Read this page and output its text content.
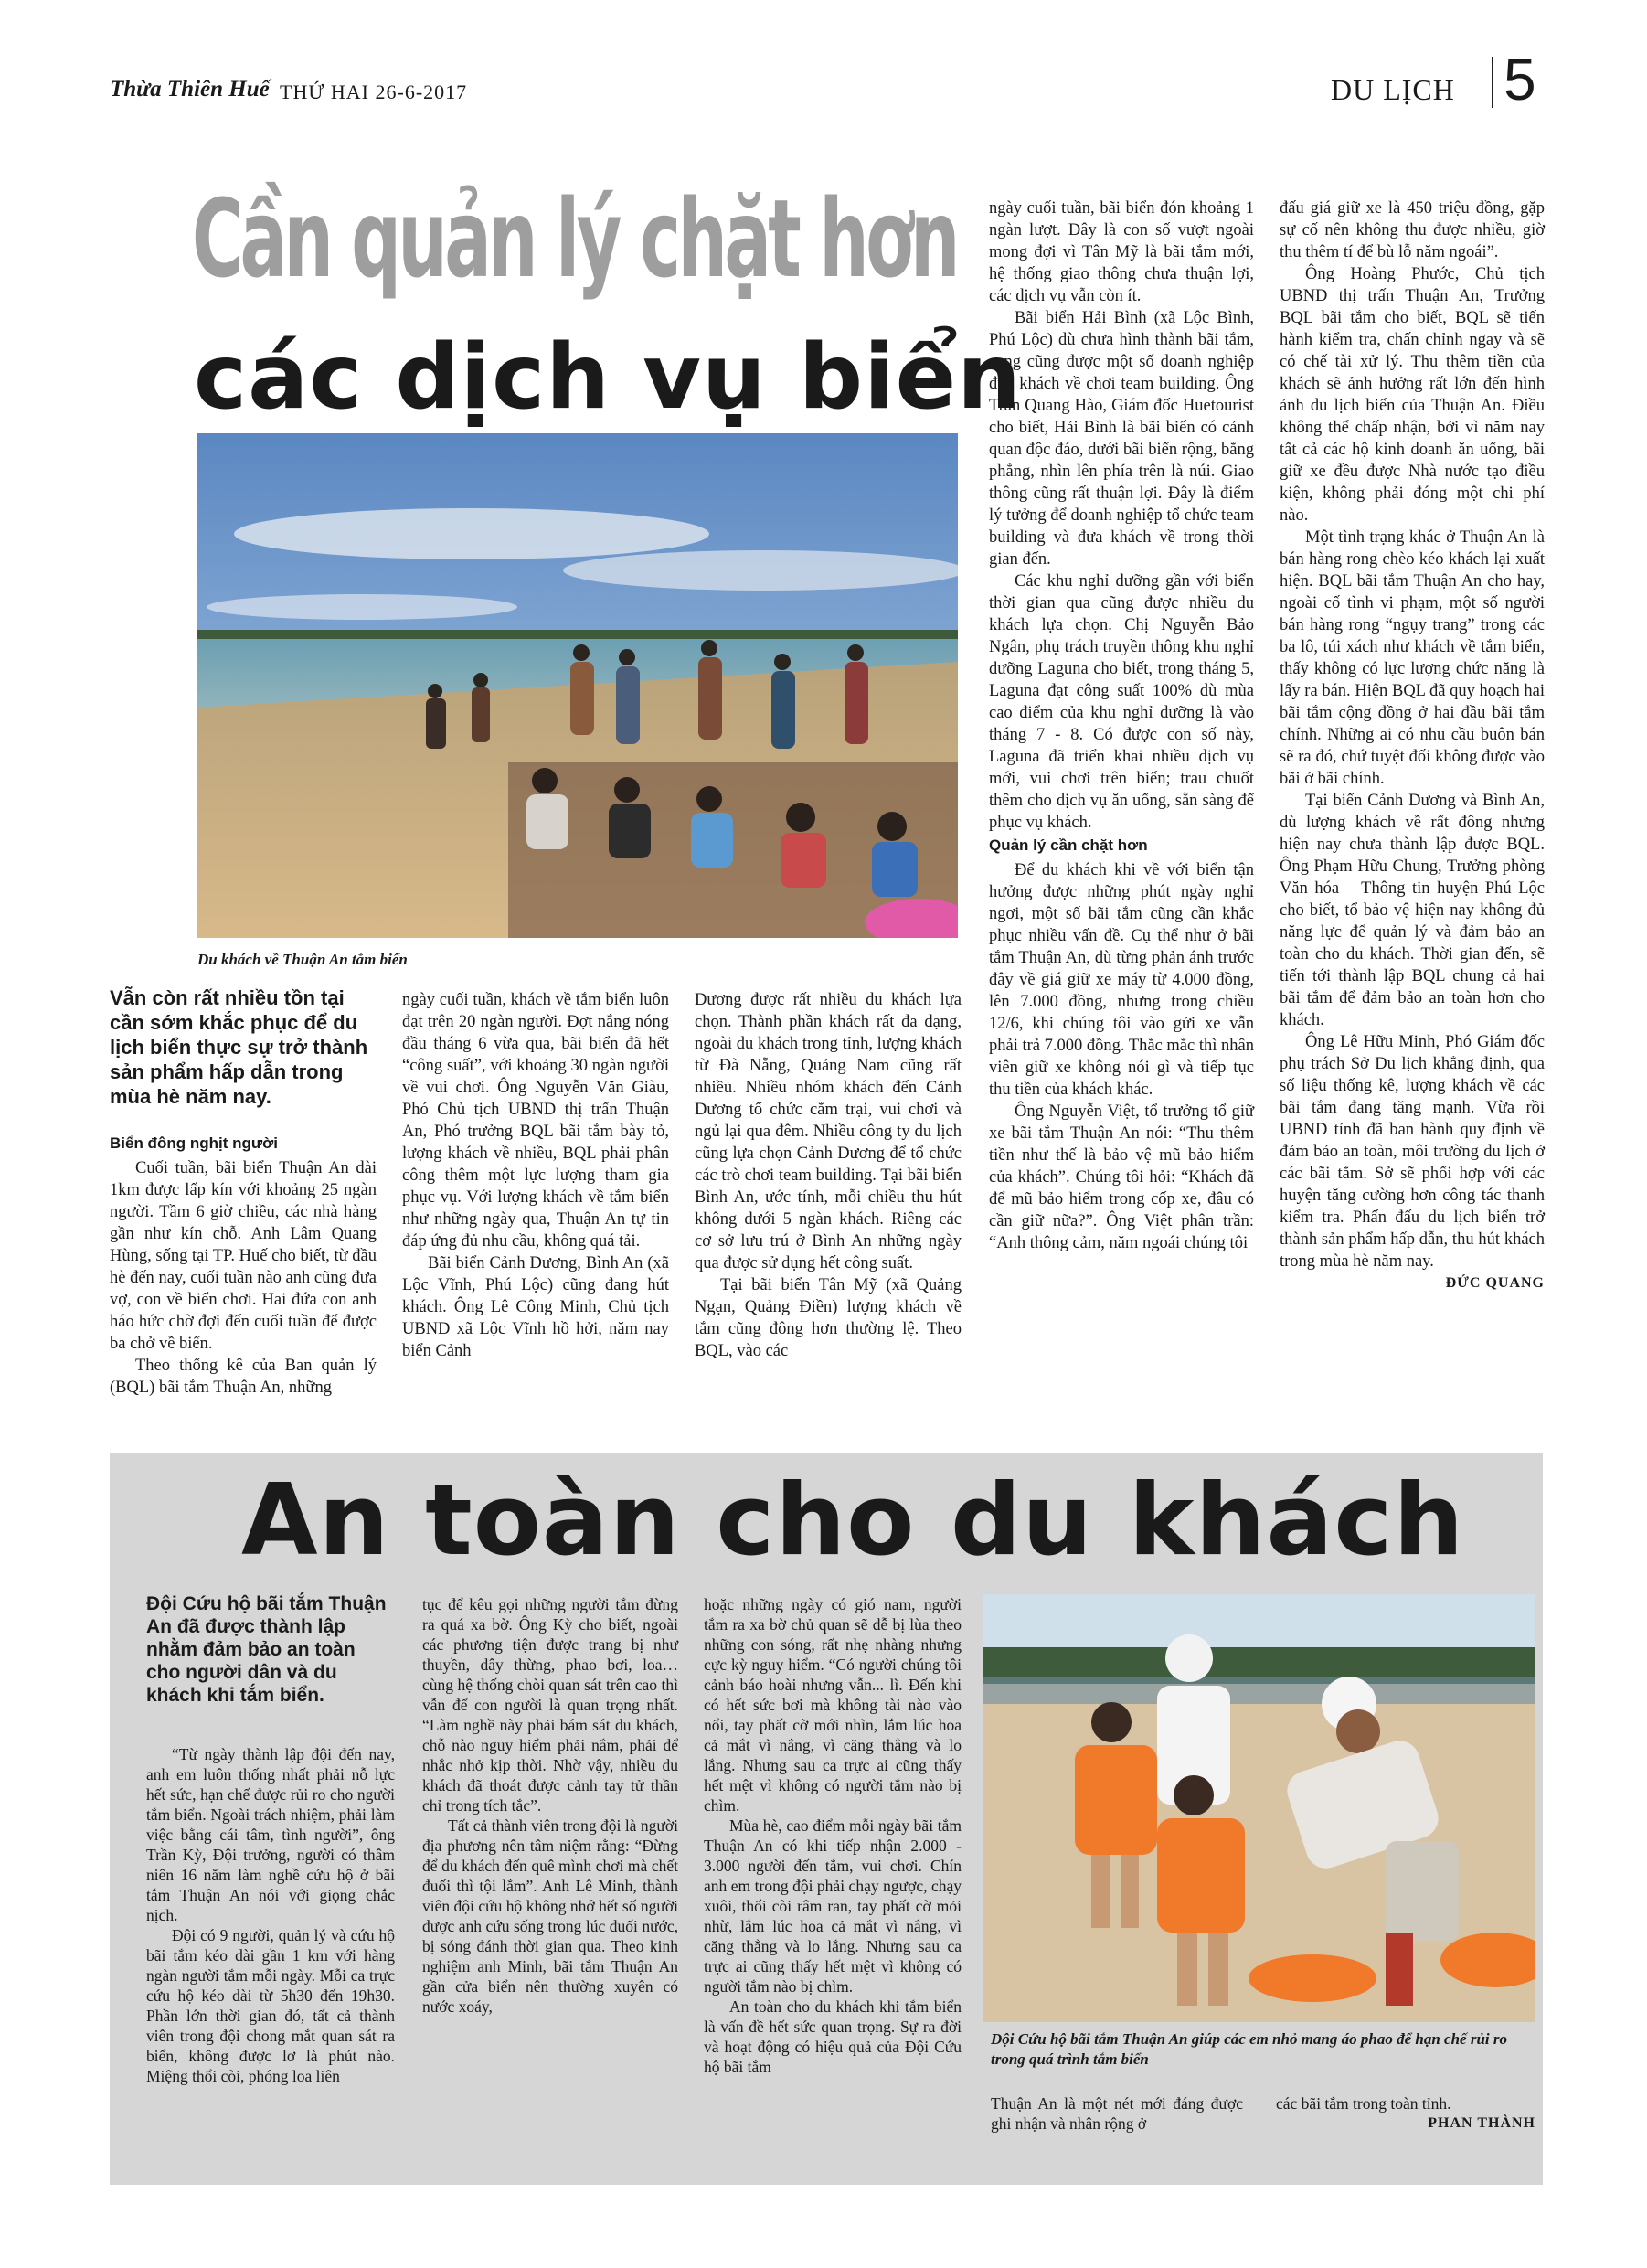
Thừa Thiên Huế THỨ HAI 26-6-2017	DU LỊCH 5
Cần quản lý chặt hơn
các dịch vụ biển
Du khách về Thuận An tắm biển
Vẫn còn rất nhiều tồn tại cần sớm khắc phục để du lịch biển thực sự trở thành sản phẩm hấp dẫn trong mùa hè năm nay.
Biển đông nghịt người

Cuối tuần, bãi biển Thuận An dài 1km được lấp kín với khoảng 25 ngàn người. Tầm 6 giờ chiều, các nhà hàng gần như kín chỗ. Anh Lâm Quang Hùng, sống tại TP. Huế cho biết, từ đầu hè đến nay, cuối tuần nào anh cũng đưa vợ, con về biển chơi. Hai đứa con anh háo hức chờ đợi đến cuối tuần để được ba chở về biển.

Theo thống kê của Ban quản lý (BQL) bãi tắm Thuận An, những

ngày cuối tuần, khách về tắm biển luôn đạt trên 20 ngàn người. Đợt nắng nóng đầu tháng 6 vừa qua, bãi biển đã hết “công suất”, với khoảng 30 ngàn người về vui chơi. Ông Nguyễn Văn Giàu, Phó Chủ tịch UBND thị trấn Thuận An, Phó trưởng BQL bãi tắm bày tỏ, lượng khách về nhiều, BQL phải phân công thêm một lực lượng tham gia phục vụ. Với lượng khách về tắm biển như những ngày qua, Thuận An tự tin đáp ứng đủ nhu cầu, không quá tải.

Bãi biển Cảnh Dương, Bình An (xã Lộc Vĩnh, Phú Lộc) cũng đang hút khách. Ông Lê Công Minh, Chủ tịch UBND xã Lộc Vĩnh hồ hởi, năm nay biển Cảnh

Dương được rất nhiều du khách lựa chọn. Thành phần khách rất đa dạng, ngoài du khách trong tỉnh, lượng khách từ Đà Nẵng, Quảng Nam cũng rất nhiều. Nhiều nhóm khách đến Cảnh Dương tổ chức cắm trại, vui chơi và ngủ lại qua đêm. Nhiều công ty du lịch cũng lựa chọn Cảnh Dương để tổ chức các trò chơi team building. Tại bãi biển Bình An, ước tính, mỗi chiều thu hút không dưới 5 ngàn khách. Riêng các cơ sở lưu trú ở Bình An những ngày qua được sử dụng hết công suất.

Tại bãi biển Tân Mỹ (xã Quảng Ngạn, Quảng Điền) lượng khách về tắm cũng đông hơn thường lệ. Theo BQL, vào các

ngày cuối tuần, bãi biển đón khoảng 1 ngàn lượt. Đây là con số vượt ngoài mong đợi vì Tân Mỹ là bãi tắm mới, hệ thống giao thông chưa thuận lợi, các dịch vụ vẫn còn ít.

Bãi biển Hải Bình (xã Lộc Bình, Phú Lộc) dù chưa hình thành bãi tắm, song cũng được một số doanh nghiệp đưa khách về chơi team building. Ông Trần Quang Hào, Giám đốc Huetourist cho biết, Hải Bình là bãi biển có cảnh quan độc đáo, dưới bãi biển rộng, bằng phẳng, nhìn lên phía trên là núi. Giao thông cũng rất thuận lợi. Đây là điểm lý tưởng để doanh nghiệp tổ chức team building và đưa khách về trong thời gian đến.

Các khu nghỉ dưỡng gần với biển thời gian qua cũng được nhiều du khách lựa chọn. Chị Nguyễn Bảo Ngân, phụ trách truyền thông khu nghỉ dưỡng Laguna cho biết, trong tháng 5, Laguna đạt công suất 100% dù mùa cao điểm của khu nghỉ dưỡng là vào tháng 7 - 8. Có được con số này, Laguna đã triển khai nhiều dịch vụ mới, vui chơi trên biển; trau chuốt thêm cho dịch vụ ăn uống, sẵn sàng để phục vụ khách.

Quản lý cần chặt hơn

Để du khách khi về với biển tận hưởng được những phút ngày nghỉ ngơi, một số bãi tắm cũng cần khắc phục nhiều vấn đề. Cụ thể như ở bãi tắm Thuận An, dù từng phản ánh trước đây về giá giữ xe máy từ 4.000 đồng, lên 7.000 đồng, nhưng trong chiều 12/6, khi chúng tôi vào gửi xe vẫn phải trả 7.000 đồng. Thắc mắc thì nhân viên giữ xe không nói gì và tiếp tục thu tiền của khách khác.

Ông Nguyễn Việt, tổ trưởng tổ giữ xe bãi tắm Thuận An nói: “Thu thêm tiền như thế là bảo vệ mũ bảo hiểm của khách”. Chúng tôi hỏi: “Khách đã để mũ bảo hiểm trong cốp xe, đâu có cần giữ nữa?”. Ông Việt phân trần: “Anh thông cảm, năm ngoái chúng tôi

đấu giá giữ xe là 450 triệu đồng, gặp sự cố nên không thu được nhiều, giờ thu thêm tí để bù lỗ năm ngoái”.

Ông Hoàng Phước, Chủ tịch UBND thị trấn Thuận An, Trưởng BQL bãi tắm cho biết, BQL sẽ tiến hành kiểm tra, chấn chỉnh ngay và sẽ có chế tài xử lý. Thu thêm tiền của khách sẽ ảnh hưởng rất lớn đến hình ảnh du lịch biển của Thuận An. Điều không thể chấp nhận, bởi vì năm nay tất cả các hộ kinh doanh ăn uống, bãi giữ xe đều được Nhà nước tạo điều kiện, không phải đóng một chi phí nào.

Một tình trạng khác ở Thuận An là bán hàng rong chèo kéo khách lại xuất hiện. BQL bãi tắm Thuận An cho hay, ngoài cố tình vi phạm, một số người bán hàng rong “ngụy trang” trong các ba lô, túi xách như khách về tắm biển, thấy không có lực lượng chức năng là lấy ra bán. Hiện BQL đã quy hoạch hai bãi tắm cộng đồng ở hai đầu bãi tắm chính. Những ai có nhu cầu buôn bán sẽ ra đó, chứ tuyệt đối không được vào bãi ở bãi chính.

Tại biển Cảnh Dương và Bình An, dù lượng khách về rất đông nhưng hiện nay chưa thành lập được BQL. Ông Phạm Hữu Chung, Trưởng phòng Văn hóa – Thông tin huyện Phú Lộc cho biết, tổ bảo vệ hiện nay không đủ năng lực để quản lý và đảm bảo an toàn cho du khách. Thời gian đến, sẽ tiến tới thành lập BQL chung cả hai bãi tắm để đảm bảo an toàn hơn cho khách.

Ông Lê Hữu Minh, Phó Giám đốc phụ trách Sở Du lịch khẳng định, qua số liệu thống kê, lượng khách về các bãi tắm đang tăng mạnh. Vừa rồi UBND tỉnh đã ban hành quy định về đảm bảo an toàn, môi trường du lịch ở các bãi tắm. Sở sẽ phối hợp với các huyện tăng cường hơn công tác thanh kiểm tra. Phấn đấu du lịch biển trở thành sản phẩm hấp dẫn, thu hút khách trong mùa hè năm nay.

ĐỨC QUANG
An toàn cho du khách
Đội Cứu hộ bãi tắm Thuận An đã được thành lập nhằm đảm bảo an toàn cho người dân và du khách khi tắm biển.

“Từ ngày thành lập đội đến nay, anh em luôn thống nhất phải nỗ lực hết sức, hạn chế được rủi ro cho người tắm biển. Ngoài trách nhiệm, phải làm việc bằng cái tâm, tình người”, ông Trần Kỳ, Đội trưởng, người có thâm niên 16 năm làm nghề cứu hộ ở bãi tắm Thuận An nói với giọng chắc nịch.

Đội có 9 người, quản lý và cứu hộ bãi tắm kéo dài gần 1 km với hàng ngàn người tắm mỗi ngày. Mỗi ca trực cứu hộ kéo dài từ 5h30 đến 19h30. Phần lớn thời gian đó, tất cả thành viên trong đội chong mắt quan sát ra biển, không được lơ là phút nào. Miệng thổi còi, phóng loa liên

tục để kêu gọi những người tắm đừng ra quá xa bờ. Ông Kỳ cho biết, ngoài các phương tiện được trang bị như thuyền, dây thừng, phao bơi, loa… cùng hệ thống chòi quan sát trên cao thì vẫn để con người là quan trọng nhất. “Làm nghề này phải bám sát du khách, chỗ nào nguy hiểm phải nắm, phải để nhắc nhở kịp thời. Nhờ vậy, nhiều du khách đã thoát được cảnh tay tử thần chỉ trong tích tắc”.

Tất cả thành viên trong đội là người địa phương nên tâm niệm rằng: “Đừng để du khách đến quê mình chơi mà chết đuối thì tội lắm”. Anh Lê Minh, thành viên đội cứu hộ không nhớ hết số người được anh cứu sống trong lúc đuối nước, bị sóng đánh thời gian qua. Theo kinh nghiệm anh Minh, bãi tắm Thuận An gần cửa biển nên thường xuyên có nước xoáy,

hoặc những ngày có gió nam, người tắm ra xa bờ chủ quan sẽ dễ bị lùa theo những con sóng, rất nhẹ nhàng nhưng cực kỳ nguy hiểm. “Có người chúng tôi cảnh báo hoài nhưng vẫn... lì. Đến khi có hết sức bơi mà không tài nào vào nổi, tay phất cờ mới nhìn, lắm lúc hoa cả mắt vì nắng, vì căng thẳng và lo lắng. Nhưng sau ca trực ai cũng thấy hết mệt vì không có người tắm nào bị chìm.

Mùa hè, cao điểm mỗi ngày bãi tắm Thuận An có khi tiếp nhận 2.000 - 3.000 người đến tắm, vui chơi. Chín anh em trong đội phải chạy ngược, chạy xuôi, thổi còi râm ran, tay phất cờ mỏi nhừ, lắm lúc hoa cả mắt vì nắng, vì căng thẳng và lo lắng. Nhưng sau ca trực ai cũng thấy hết mệt vì không có người tắm nào bị chìm.

An toàn cho du khách khi tắm biển là vấn đề hết sức quan trọng. Sự ra đời và hoạt động có hiệu quả của Đội Cứu hộ bãi tắm

Đội Cứu hộ bãi tắm Thuận An giúp các em nhỏ mang áo phao để hạn chế rủi ro trong quá trình tắm biển

Thuận An là một nét mới đáng được ghi nhận và nhân rộng ở

các bãi tắm trong toàn tỉnh.

PHAN THÀNH
